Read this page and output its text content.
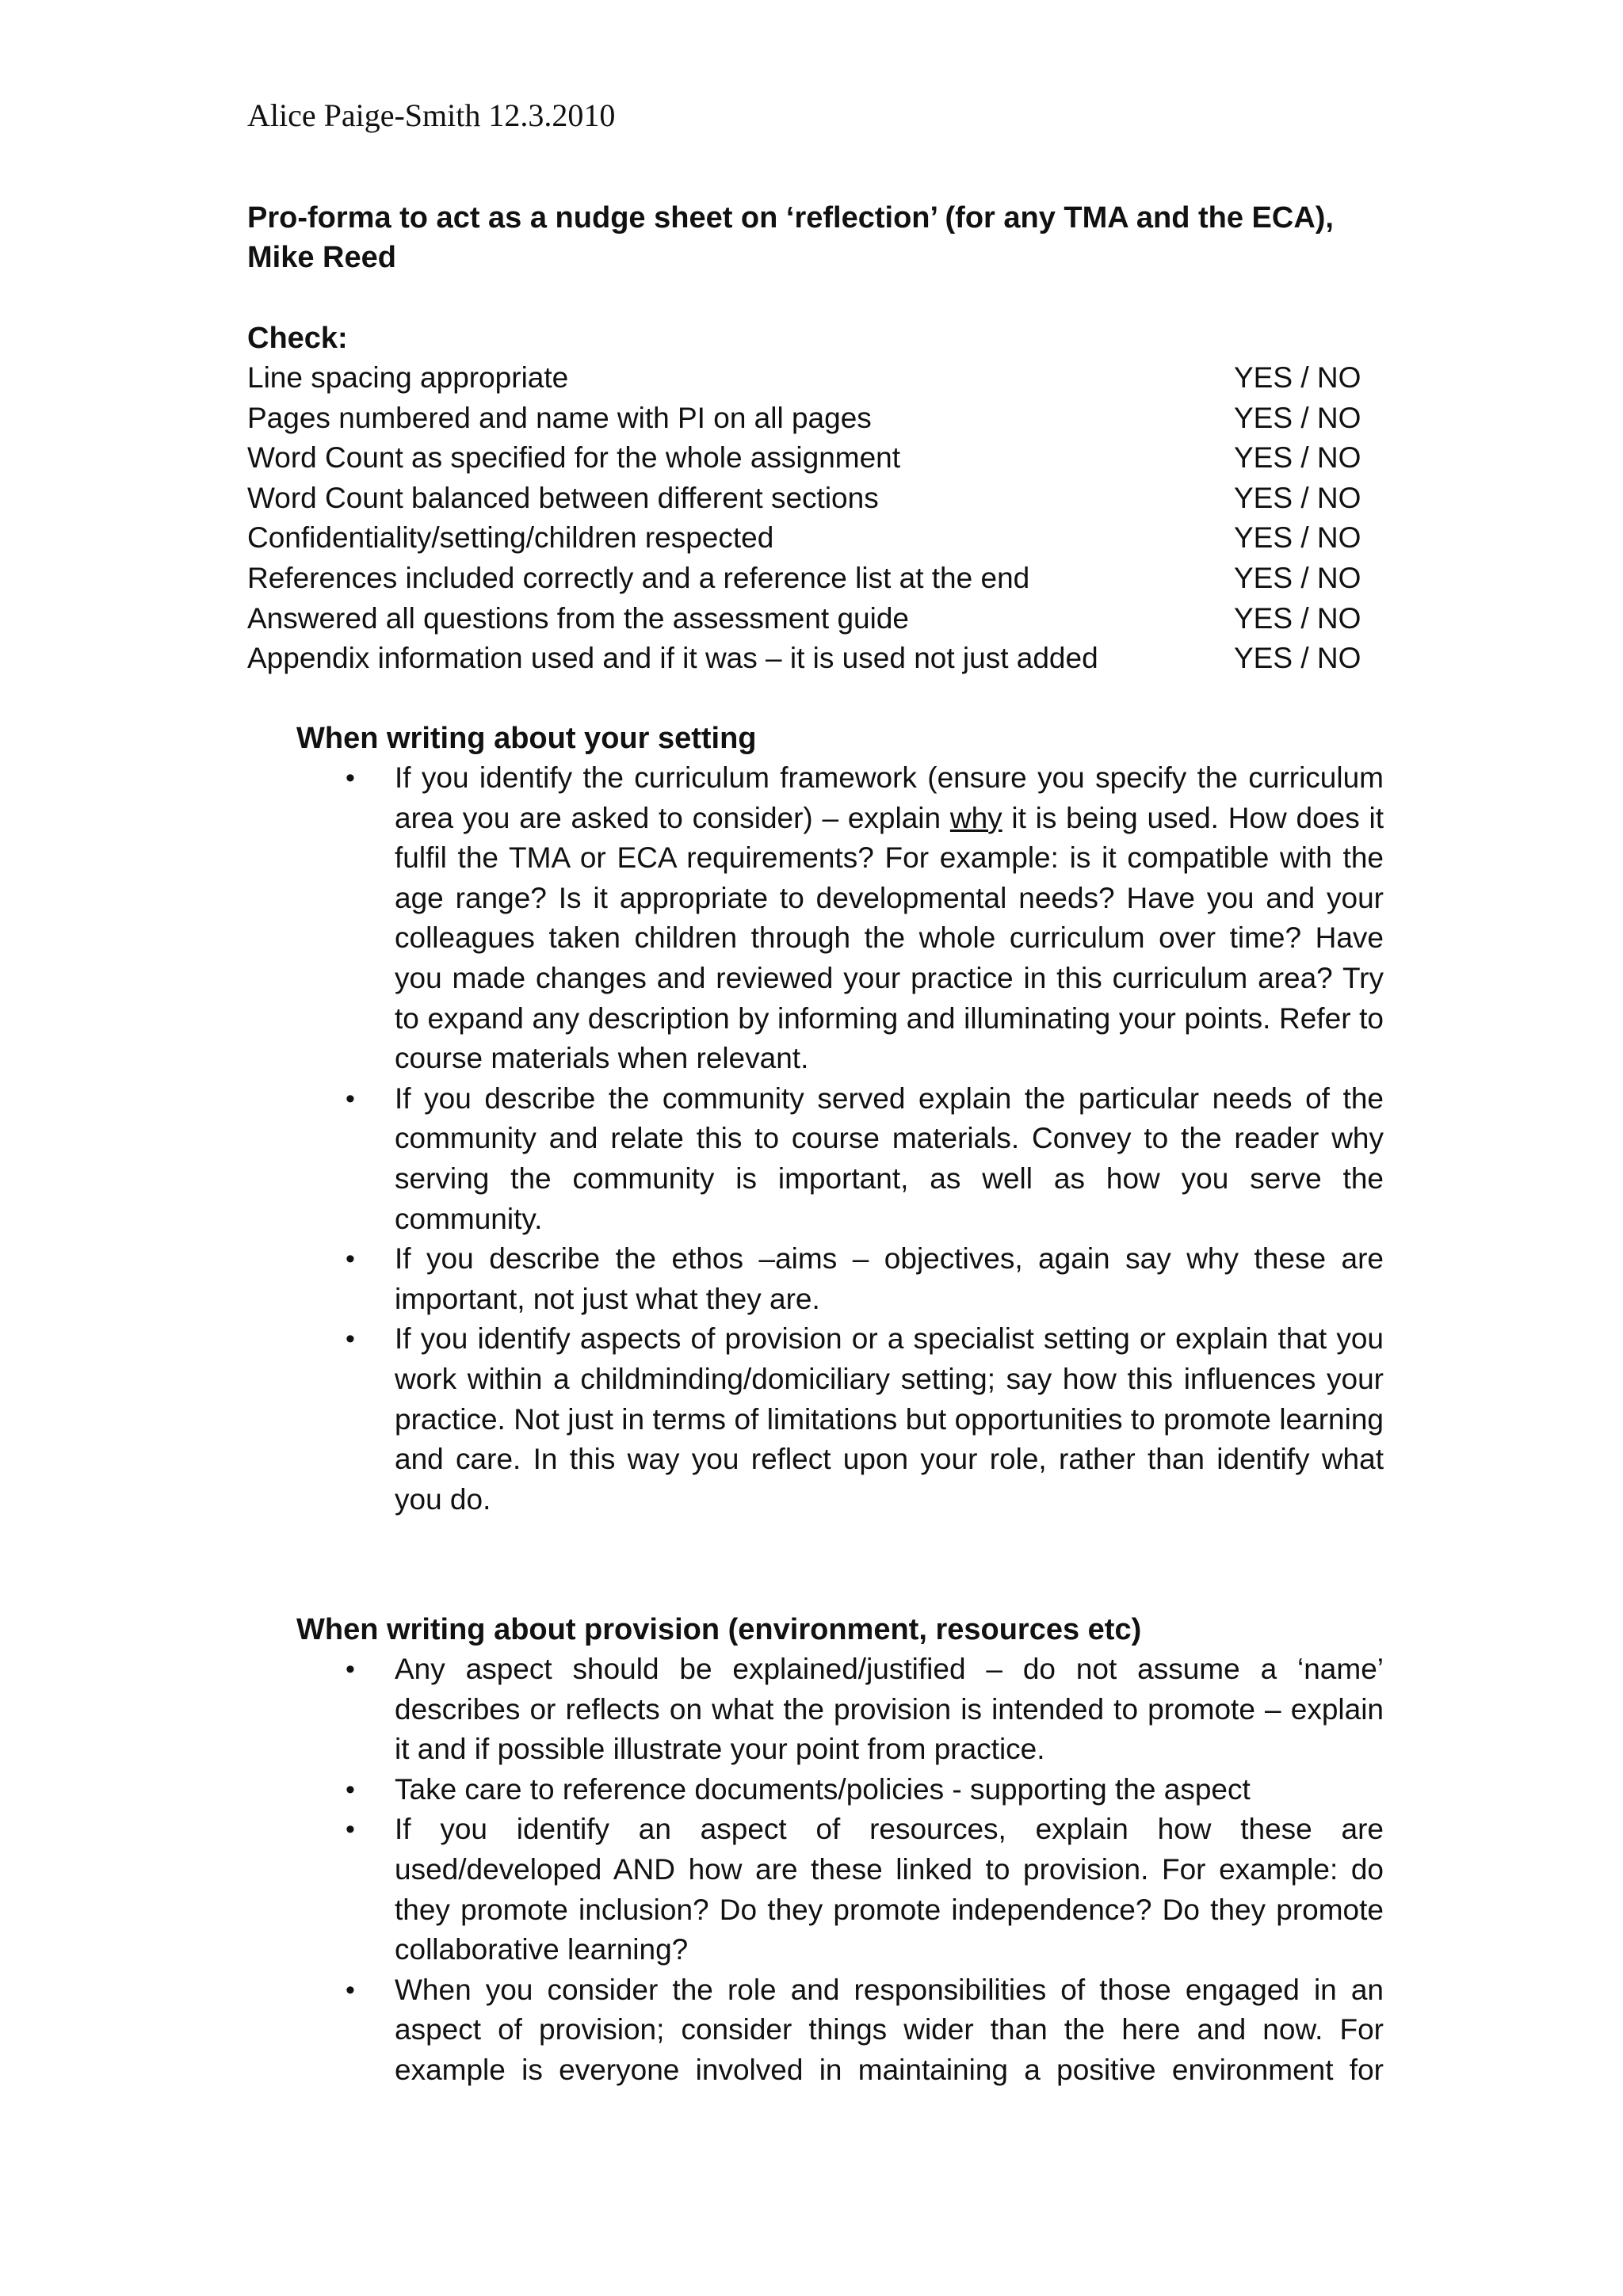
Alice Paige-Smith 12.3.2010
Pro-forma to act as a nudge sheet on ‘reflection’ (for any TMA and the ECA),
Mike Reed
Check:
Line spacing appropriate	YES / NO
Pages numbered and name with PI on all pages	YES / NO
Word Count as specified for the whole assignment	YES / NO
Word Count balanced between different sections	YES / NO
Confidentiality/setting/children respected	YES / NO
References included correctly and a reference list at the end	YES / NO
Answered all questions from the assessment guide	YES / NO
Appendix information used and if it was – it is used not just added	YES / NO
When writing about your setting
• If you identify the curriculum framework (ensure you specify the curriculum area you are asked to consider) – explain why it is being used. How does it fulfil the TMA or ECA requirements? For example: is it compatible with the age range? Is it appropriate to developmental needs? Have you and your colleagues taken children through the whole curriculum over time? Have you made changes and reviewed your practice in this curriculum area? Try to expand any description by informing and illuminating your points. Refer to course materials when relevant.
• If you describe the community served explain the particular needs of the community and relate this to course materials. Convey to the reader why serving the community is important, as well as how you serve the community.
• If you describe the ethos –aims – objectives, again say why these are important, not just what they are.
• If you identify aspects of provision or a specialist setting or explain that you work within a childminding/domiciliary setting; say how this influences your practice. Not just in terms of limitations but opportunities to promote learning and care. In this way you reflect upon your role, rather than identify what you do.
When writing about provision (environment, resources etc)
• Any aspect should be explained/justified – do not assume a ‘name’ describes or reflects on what the provision is intended to promote – explain it and if possible illustrate your point from practice.
• Take care to reference documents/policies - supporting the aspect
• If you identify an aspect of resources, explain how these are used/developed AND how are these linked to provision. For example: do they promote inclusion? Do they promote independence? Do they promote collaborative learning?
• When you consider the role and responsibilities of those engaged in an aspect of provision; consider things wider than the here and now. For example is everyone involved in maintaining a positive environment for
